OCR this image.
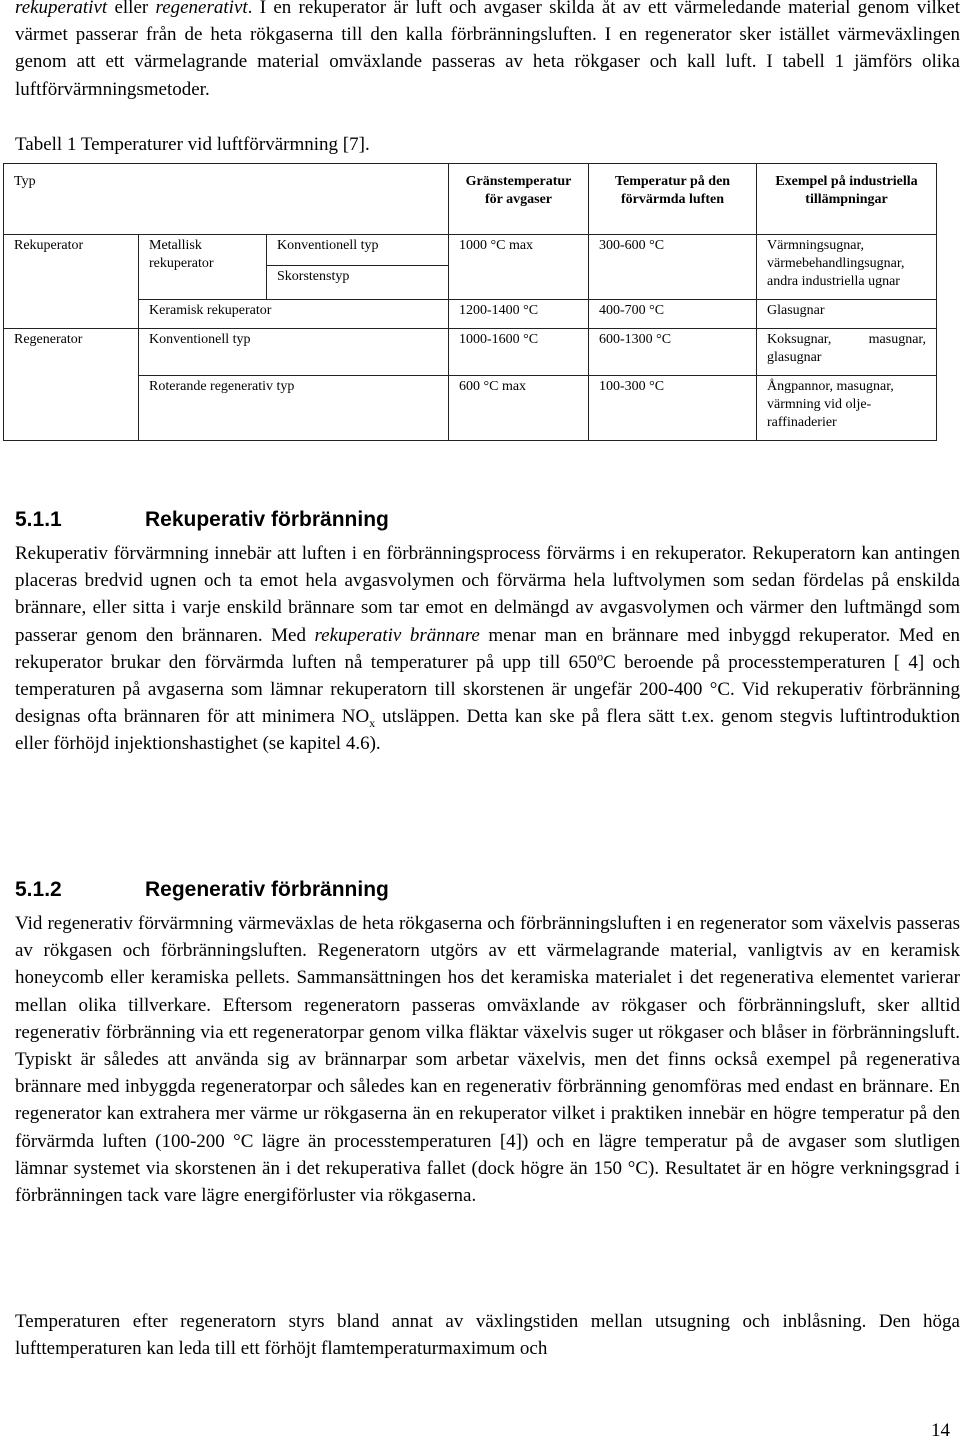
rekuperativt eller regenerativt. I en rekuperator är luft och avgaser skilda åt av ett värmeledande material genom vilket värmet passerar från de heta rökgaserna till den kalla förbränningsluften. I en regenerator sker istället värmeväxlingen genom att ett värmelagrande material omväxlande passeras av heta rökgaser och kall luft. I tabell 1 jämförs olika luftförvärmningsmetoder.

Tabell 1 Temperaturer vid luftförvärmning [7].

Typ			Gränstemperatur för avgaser	Temperatur på den förvärmda luften	Exempel på industriella tillämpningar
Rekuperator	Metallisk rekuperator	Konventionell typ	1000 °C max	300-600 °C	Värmningsugnar, värmebehandlingsugnar, andra industriella ugnar
		Skorstenstyp			
	Keramisk rekuperator		1200-1400 °C	400-700 °C	Glasugnar
Regenerator	Konventionell typ		1000-1600 °C	600-1300 °C	Koksugnar, masugnar, glasugnar
	Roterande regenerativ typ		600 °C max	100-300 °C	Ångpannor, masugnar, värmning vid olje-raffinaderier
5.1.1	Rekuperativ förbränning

Rekuperativ förvärmning innebär att luften i en förbränningsprocess förvärms i en rekuperator. Rekuperatorn kan antingen placeras bredvid ugnen och ta emot hela avgasvolymen och förvärma hela luftvolymen som sedan fördelas på enskilda brännare, eller sitta i varje enskild brännare som tar emot en delmängd av avgasvolymen och värmer den luftmängd som passerar genom den brännaren. Med rekuperativ brännare menar man en brännare med inbyggd rekuperator. Med en rekuperator brukar den förvärmda luften nå temperaturer på upp till 650$^o$C beroende på processtemperaturen [ 4] och temperaturen på avgaserna som lämnar rekuperatorn till skorstenen är ungefär 200-400 °C. Vid rekuperativ förbränning designas ofta brännaren för att minimera $NO_x$ utsläppen. Detta kan ske på flera sätt t.ex. genom stegvis luftintroduktion eller förhöjd injektionshastighet (se kapitel 4.6).

5.1.2	Regenerativ förbränning

Vid regenerativ förvärmning värmeväxlas de heta rökgaserna och förbränningsluften i en regenerator som växelvis passeras av rökgasen och förbränningsluften. Regeneratorn utgörs av ett värmelagrande material, vanligtvis av en keramisk honeycomb eller keramiska pellets. Sammansättningen hos det keramiska materialet i det regenerativa elementet varierar mellan olika tillverkare. Eftersom regeneratorn passeras omväxlande av rökgaser och förbränningsluft, sker alltid regenerativ förbränning via ett regeneratorpar genom vilka fläktar växelvis suger ut rökgaser och blåser in förbränningsluft. Typiskt är således att använda sig av brännarpar som arbetar växelvis, men det finns också exempel på regenerativa brännare med inbyggda regeneratorpar och således kan en regenerativ förbränning genomföras med endast en brännare. En regenerator kan extrahera mer värme ur rökgaserna än en rekuperator vilket i praktiken innebär en högre temperatur på den förvärmda luften (100-200 °C lägre än processtemperaturen [4]) och en lägre temperatur på de avgaser som slutligen lämnar systemet via skorstenen än i det rekuperativa fallet (dock högre än 150 °C). Resultatet är en högre verkningsgrad i förbränningen tack vare lägre energiförluster via rökgaserna.

Temperaturen efter regeneratorn styrs bland annat av växlingstiden mellan utsugning och inblåsning. Den höga lufttemperaturen kan leda till ett förhöjt flamtemperaturmaximum och

14
